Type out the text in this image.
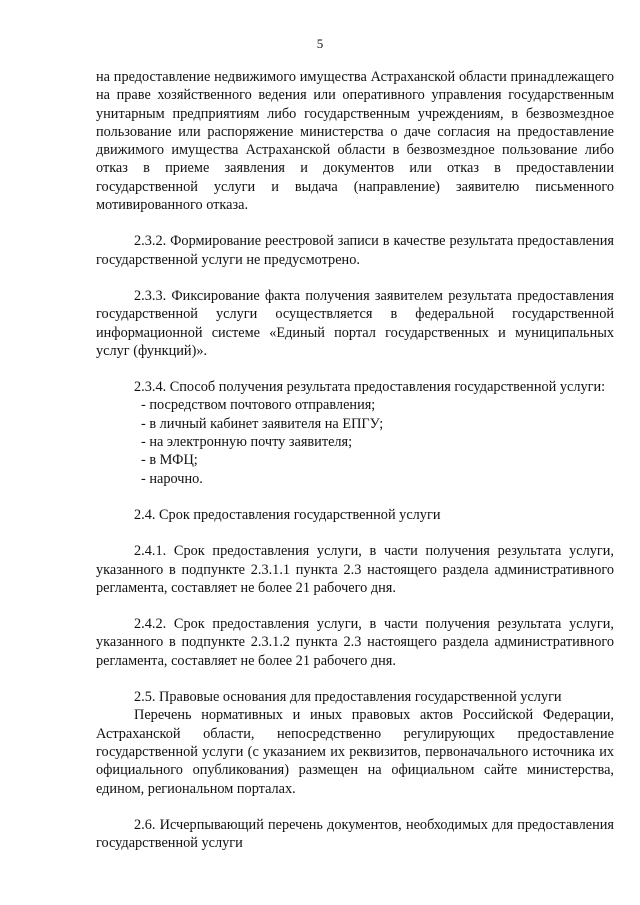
5

на предоставление недвижимого имущества Астраханской области принадлежащего на праве хозяйственного ведения или оперативного управления государственным унитарным предприятиям либо государственным учреждениям, в безвозмездное пользование или распоряжение министерства о даче согласия на предоставление движимого имущества Астраханской области в безвозмездное пользование либо отказ в приеме заявления и документов или отказ в предоставлении государственной услуги и выдача (направление) заявителю письменного мотивированного отказа.

2.3.2. Формирование реестровой записи в качестве результата предоставления государственной услуги не предусмотрено.

2.3.3. Фиксирование факта получения заявителем результата предоставления государственной услуги осуществляется в федеральной государственной информационной системе «Единый портал государственных и муниципальных услуг (функций)».

2.3.4. Способ получения результата предоставления государственной услуги:

- посредством почтового отправления;

- в личный кабинет заявителя на ЕПГУ;

- на электронную почту заявителя;

- в МФЦ;

- нарочно.

2.4. Срок предоставления государственной услуги

2.4.1. Срок предоставления услуги, в части получения результата услуги, указанного в подпункте 2.3.1.1 пункта 2.3 настоящего раздела административного регламента, составляет не более 21 рабочего дня.

2.4.2. Срок предоставления услуги, в части получения результата услуги, указанного в подпункте 2.3.1.2 пункта 2.3 настоящего раздела административного регламента, составляет не более 21 рабочего дня.

2.5. Правовые основания для предоставления государственной услуги

Перечень нормативных и иных правовых актов Российской Федерации, Астраханской области, непосредственно регулирующих предоставление государственной услуги (с указанием их реквизитов, первоначального источника их официального опубликования) размещен на официальном сайте министерства, едином, региональном порталах.

2.6. Исчерпывающий перечень документов, необходимых для предоставления государственной услуги
